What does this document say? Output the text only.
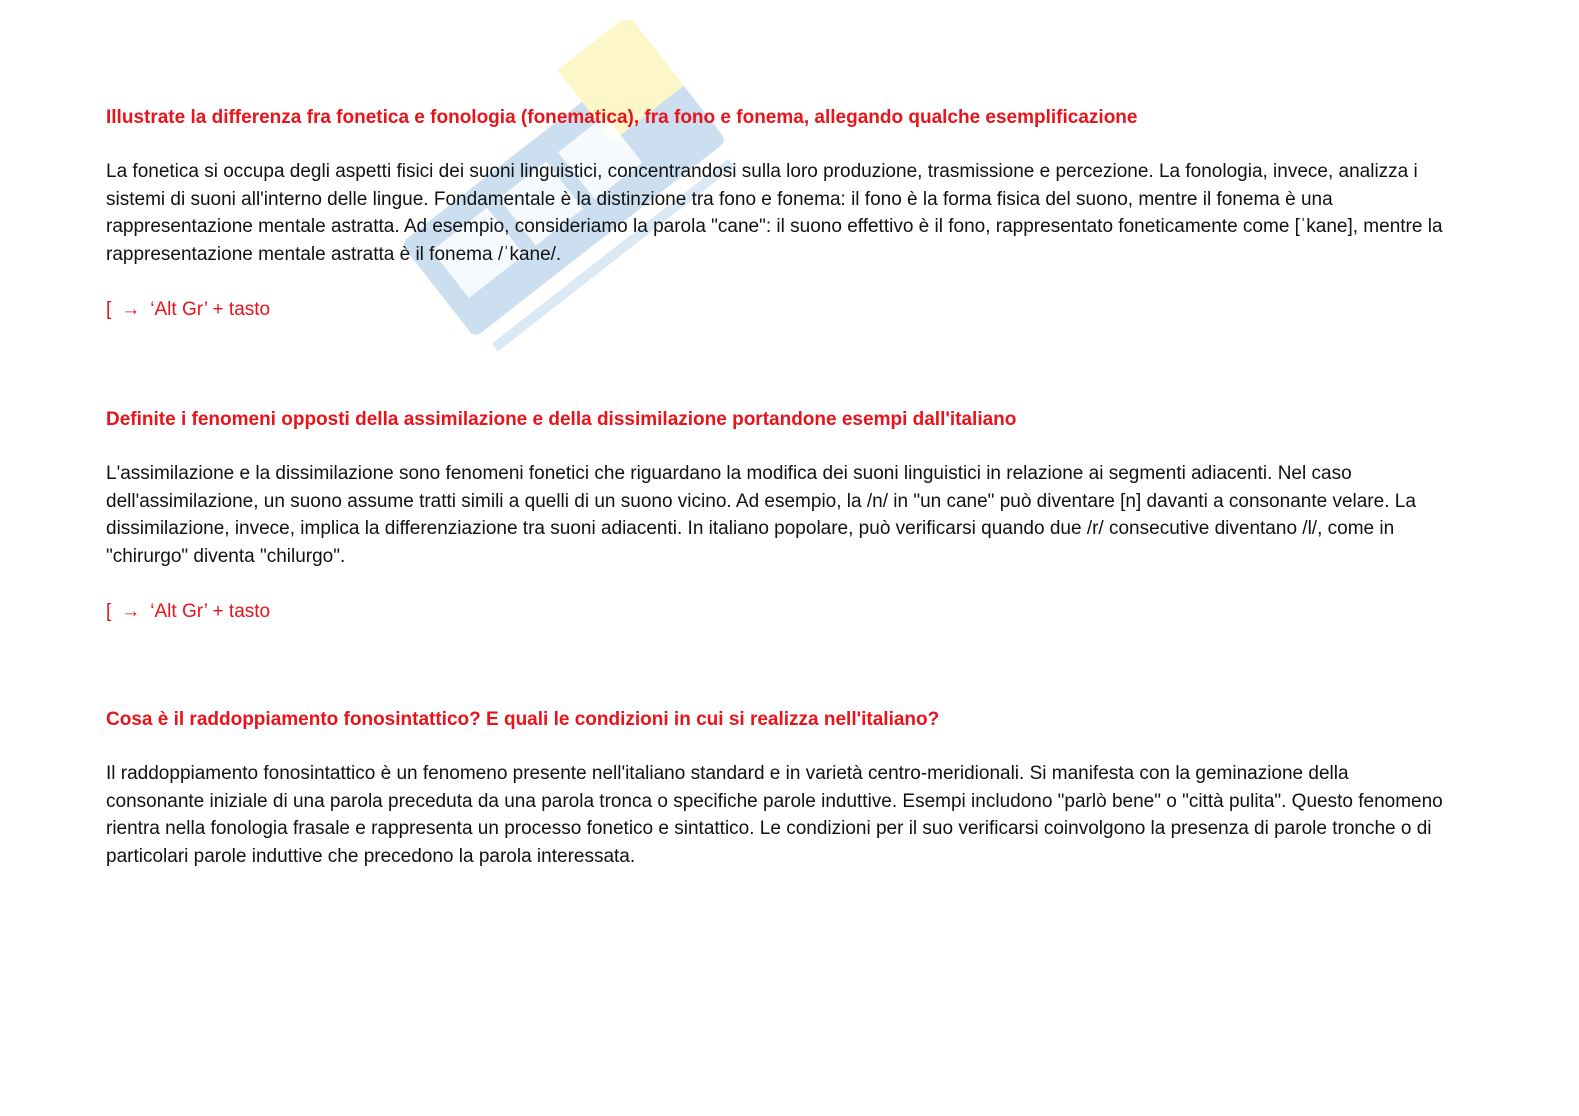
Illustrate la differenza fra fonetica e fonologia (fonematica), fra fono e fonema, allegando qualche esemplificazione

La fonetica si occupa degli aspetti fisici dei suoni linguistici, concentrandosi sulla loro produzione, trasmissione e percezione. La fonologia, invece, analizza i sistemi di suoni all'interno delle lingue. Fondamentale è la distinzione tra fono e fonema: il fono è la forma fisica del suono, mentre il fonema è una rappresentazione mentale astratta. Ad esempio, consideriamo la parola "cane": il suono effettivo è il fono, rappresentato foneticamente come [ˈkane], mentre la rappresentazione mentale astratta è il fonema /ˈkane/.

[ → ‘Alt Gr’ + tasto

Definite i fenomeni opposti della assimilazione e della dissimilazione portandone esempi dall'italiano

L'assimilazione e la dissimilazione sono fenomeni fonetici che riguardano la modifica dei suoni linguistici in relazione ai segmenti adiacenti. Nel caso dell'assimilazione, un suono assume tratti simili a quelli di un suono vicino. Ad esempio, la /n/ in "un cane" può diventare [n] davanti a consonante velare. La dissimilazione, invece, implica la differenziazione tra suoni adiacenti. In italiano popolare, può verificarsi quando due /r/ consecutive diventano /l/, come in "chirurgo" diventa "chilurgo".

[ → ‘Alt Gr’ + tasto

Cosa è il raddoppiamento fonosintattico? E quali le condizioni in cui si realizza nell'italiano?

Il raddoppiamento fonosintattico è un fenomeno presente nell'italiano standard e in varietà centro-meridionali. Si manifesta con la geminazione della consonante iniziale di una parola preceduta da una parola tronca o specifiche parole induttive. Esempi includono "parlò bene" o "città pulita". Questo fenomeno rientra nella fonologia frasale e rappresenta un processo fonetico e sintattico. Le condizioni per il suo verificarsi coinvolgono la presenza di parole tronche o di particolari parole induttive che precedono la parola interessata.
